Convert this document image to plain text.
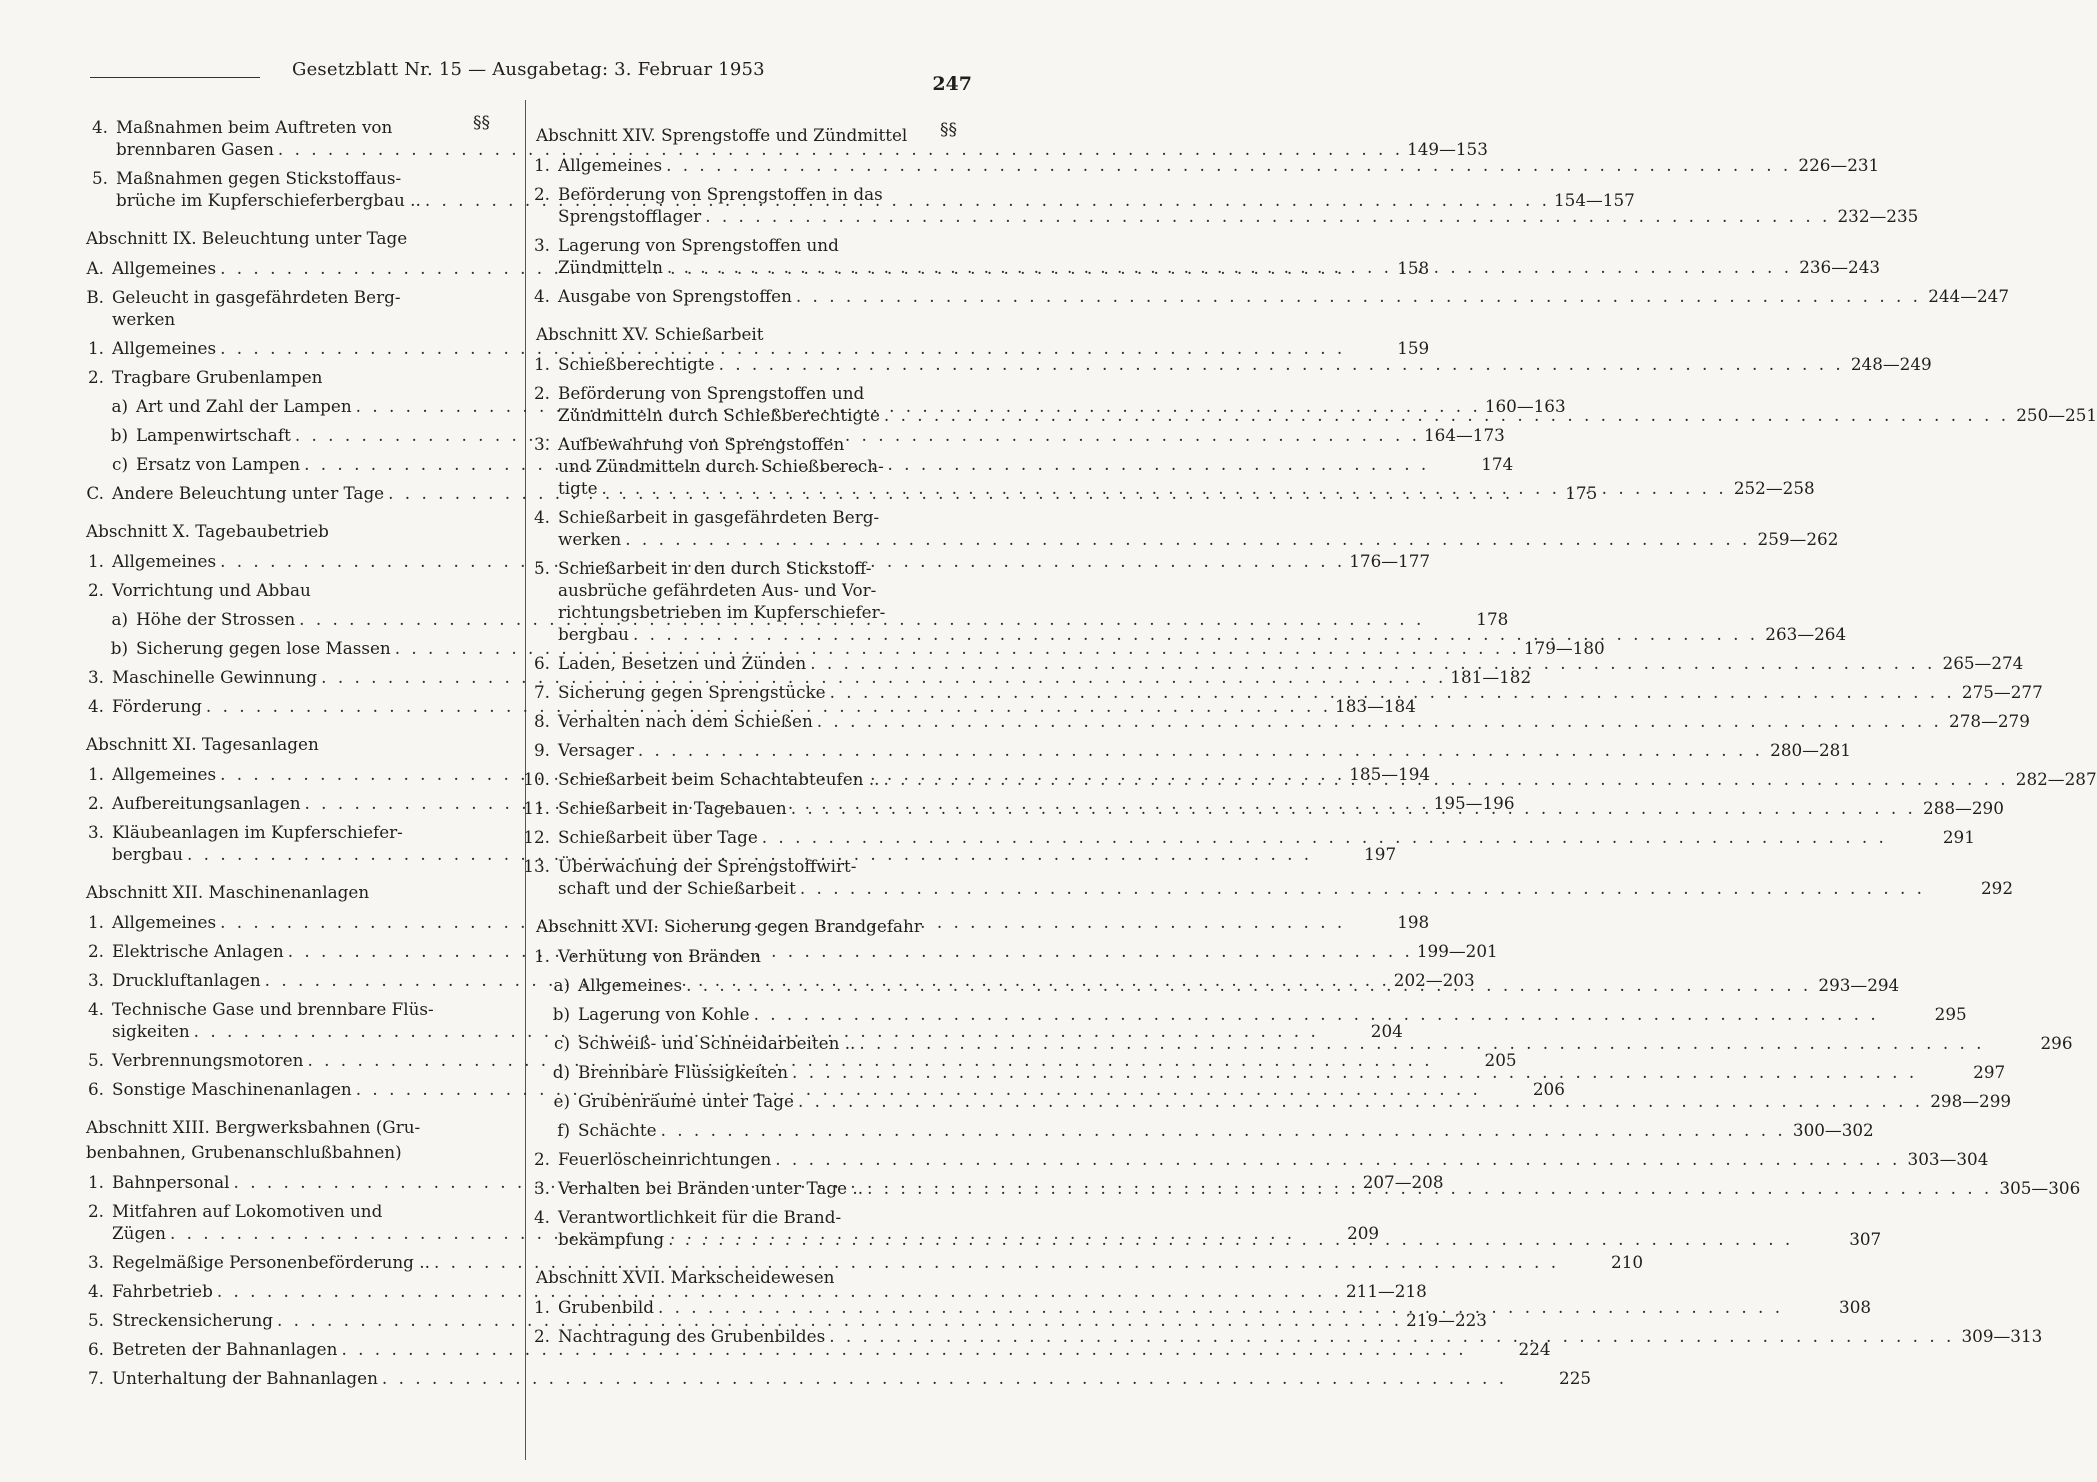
Gesetzblatt Nr. 15 — Ausgabetag: 3. Februar 1953
247
§§
4. Maßnahmen beim Auftreten von
brennbaren Gasen . . .	149—153
5. Maßnahmen gegen Stickstoffaus-
brüche im Kupferschieferbergbau .. . . .	154—157
Abschnitt IX. Beleuchtung unter Tage
A. Allgemeines . . .	158
B. Geleucht in gasgefährdeten Berg-
werken
1. Allgemeines . . .	159
2. Tragbare Grubenlampen
a) Art und Zahl der Lampen . . .	160—163
b) Lampenwirtschaft . . .	164—173
c) Ersatz von Lampen . . .	174
C. Andere Beleuchtung unter Tage . . .	175
Abschnitt X. Tagebaubetrieb
1. Allgemeines . . .	176—177
2. Vorrichtung und Abbau
a) Höhe der Strossen . . .	178
b) Sicherung gegen lose Massen . . .	179—180
3. Maschinelle Gewinnung . . .	181—182
4. Förderung . . .	183—184
Abschnitt XI. Tagesanlagen
1. Allgemeines . . .	185—194
2. Aufbereitungsanlagen . . .	195—196
3. Kläubeanlagen im Kupferschiefer-
bergbau . . .	197
Abschnitt XII. Maschinenanlagen
1. Allgemeines . . .	198
2. Elektrische Anlagen . . .	199—201
3. Druckluftanlagen . . .	202—203
4. Technische Gase und brennbare Flüs-
sigkeiten . . .	204
5. Verbrennungsmotoren . . .	205
6. Sonstige Maschinenanlagen . . .	206
Abschnitt XIII. Bergwerksbahnen (Gru-
benbahnen, Grubenanschlußbahnen)
1. Bahnpersonal . . .	207—208
2. Mitfahren auf Lokomotiven und
Zügen . . .	209
3. Regelmäßige Personenbeförderung .. . . .	210
4. Fahrbetrieb . . .	211—218
5. Streckensicherung . . .	219—223
6. Betreten der Bahnanlagen . . .	224
7. Unterhaltung der Bahnanlagen . . .	225
§§
Abschnitt XIV. Sprengstoffe und Zündmittel
1. Allgemeines . . .	226—231
2. Beförderung von Sprengstoffen in das
Sprengstofflager . . .	232—235
3. Lagerung von Sprengstoffen und
Zündmitteln . . .	236—243
4. Ausgabe von Sprengstoffen . . .	244—247
Abschnitt XV. Schießarbeit
1. Schießberechtigte . . .	248—249
2. Beförderung von Sprengstoffen und
Zündmitteln durch Schießberechtigte . . .	250—251
3. Aufbewahrung von Sprengstoffen
und Zündmitteln durch Schießberech-
tigte . . .	252—258
4. Schießarbeit in gasgefährdeten Berg-
werken . . .	259—262
5. Schießarbeit in den durch Stickstoff-
ausbrüche gefährdeten Aus- und Vor-
richtungsbetrieben im Kupferschiefer-
bergbau . . .	263—264
6. Laden, Besetzen und Zünden . . .	265—274
7. Sicherung gegen Sprengstücke . . .	275—277
8. Verhalten nach dem Schießen . . .	278—279
9. Versager . . .	280—281
10. Schießarbeit beim Schachtabteufen .. . . .	282—287
11. Schießarbeit in Tagebauen . . .	288—290
12. Schießarbeit über Tage . . .	291
13. Überwachung der Sprengstoffwirt-
schaft und der Schießarbeit . . .	292
Abschnitt XVI. Sicherung gegen Brandgefahr
1. Verhütung von Bränden
a) Allgemeines . . .	293—294
b) Lagerung von Kohle . . .	295
c) Schweiß- und Schneidarbeiten .. . . .	296
d) Brennbare Flüssigkeiten . . .	297
e) Grubenräume unter Tage . . .	298—299
f) Schächte . . .	300—302
2. Feuerlöscheinrichtungen . . .	303—304
3. Verhalten bei Bränden unter Tage .. . . .	305—306
4. Verantwortlichkeit für die Brand-
bekämpfung . . .	307
Abschnitt XVII. Markscheidewesen
1. Grubenbild . . .	308
2. Nachtragung des Grubenbildes . . .	309—313
